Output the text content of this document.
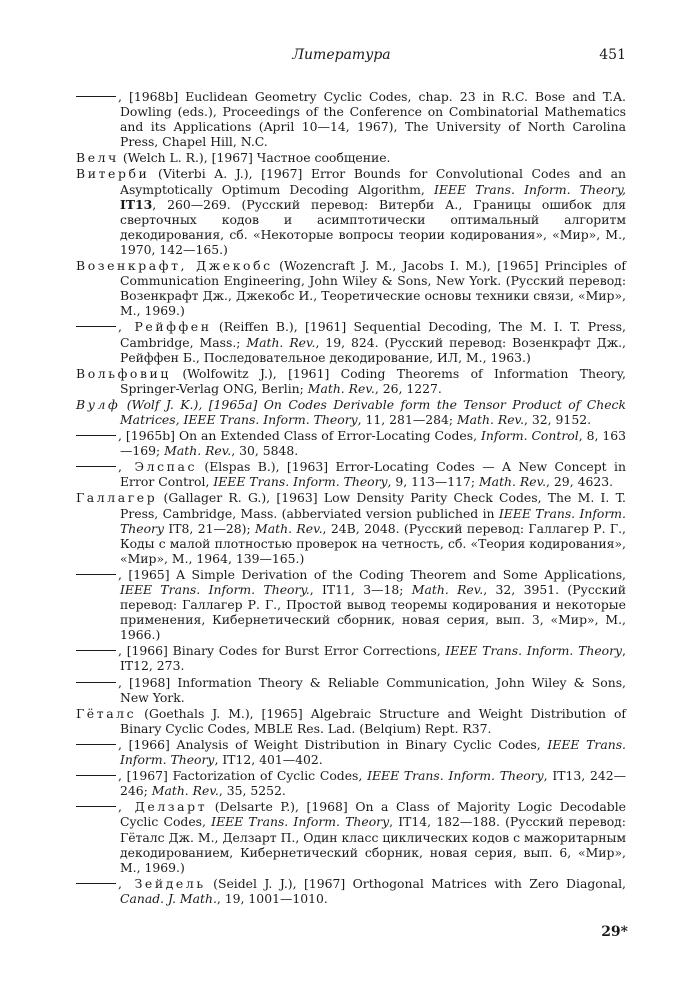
Литература	451

, [1968b] Euclidean Geometry Cyclic Codes, chap. 23 in R.C. Bose and T.A. Dowling (eds.), Proceedings of the Conference on Combinatorial Mathematics and its Applications (April 10—14, 1967), The University of North Carolina Press, Chapel Hill, N.C.

Велч (Welch L. R.), [1967] Частное сообщение.

Витерби (Viterbi A. J.), [1967] Error Bounds for Convolutional Codes and an Asymptotically Optimum Decoding Algorithm, IEEE Trans. Inform. Theory, IT13, 260—269. (Русский перевод: Витерби А., Границы ошибок для сверточных кодов и асимптотически оптимальный алгоритм декодирования, сб. «Некоторые вопросы теории кодирования», «Мир», М., 1970, 142—165.)

Возенкрафт, Джекобс (Wozencraft J. M., Jacobs I. M.), [1965] Principles of Communication Engineering, John Wiley & Sons, New York. (Русский перевод: Возенкрафт Дж., Джекобс И., Теоретические основы техники связи, «Мир», М., 1969.)

, Рейффен (Reiffen B.), [1961] Sequential Decoding, The M. I. T. Press, Cambridge, Mass.; Math. Rev., 19, 824. (Русский перевод: Возенкрафт Дж., Рейффен Б., Последовательное декодирование, ИЛ, М., 1963.)

Вольфовиц (Wolfowitz J.), [1961] Coding Theorems of Information Theory, Springer-Verlag ONG, Berlin; Math. Rev., 26, 1227.

Вулф (Wolf J. K.), [1965a] On Codes Derivable form the Tensor Product of Check Matrices, IEEE Trans. Inform. Theory, 11, 281—284; Math. Rev., 32, 9152.

, [1965b] On an Extended Class of Error-Locating Codes, Inform. Control, 8, 163—169; Math. Rev., 30, 5848.

, Элспас (Elspas B.), [1963] Error-Locating Codes — A New Concept in Error Control, IEEE Trans. Inform. Theory, 9, 113—117; Math. Rev., 29, 4623.

Галлагер (Gallager R. G.), [1963] Low Density Parity Check Codes, The M. I. T. Press, Cambridge, Mass. (abberviated version publiched in IEEE Trans. Inform. Theory IT8, 21—28); Math. Rev., 24B, 2048. (Русский перевод: Галлагер Р. Г., Коды с малой плотностью проверок на четность, сб. «Теория кодирования», «Мир», М., 1964, 139—165.)

, [1965] A Simple Derivation of the Coding Theorem and Some Applications, IEEE Trans. Inform. Theory., IT11, 3—18; Math. Rev., 32, 3951. (Русский перевод: Галлагер Р. Г., Простой вывод теоремы кодирования и некоторые применения, Кибернетический сборник, новая серия, вып. 3, «Мир», М., 1966.)

, [1966] Binary Codes for Burst Error Corrections, IEEE Trans. Inform. Theory, IT12, 273.

, [1968] Information Theory & Reliable Communication, John Wiley & Sons, New York.

Гёталс (Goethals J. M.), [1965] Algebraic Structure and Weight Distribution of Binary Cyclic Codes, MBLE Res. Lad. (Belqium) Rept. R37.

, [1966] Analysis of Weight Distribution in Binary Cyclic Codes, IEEE Trans. Inform. Theory, IT12, 401—402.

, [1967] Factorization of Cyclic Codes, IEEE Trans. Inform. Theory, IT13, 242—246; Math. Rev., 35, 5252.

, Делзарт (Delsarte P.), [1968] On a Class of Majority Logic Decodable Cyclic Codes, IEEE Trans. Inform. Theory, IT14, 182—188. (Русский перевод: Гёталс Дж. М., Делзарт П., Один класс циклических кодов с мажоритарным декодированием, Кибернетический сборник, новая серия, вып. 6, «Мир», М., 1969.)

, Зейдель (Seidel J. J.), [1967] Orthogonal Matrices with Zero Diagonal, Canad. J. Math., 19, 1001—1010.

29*
